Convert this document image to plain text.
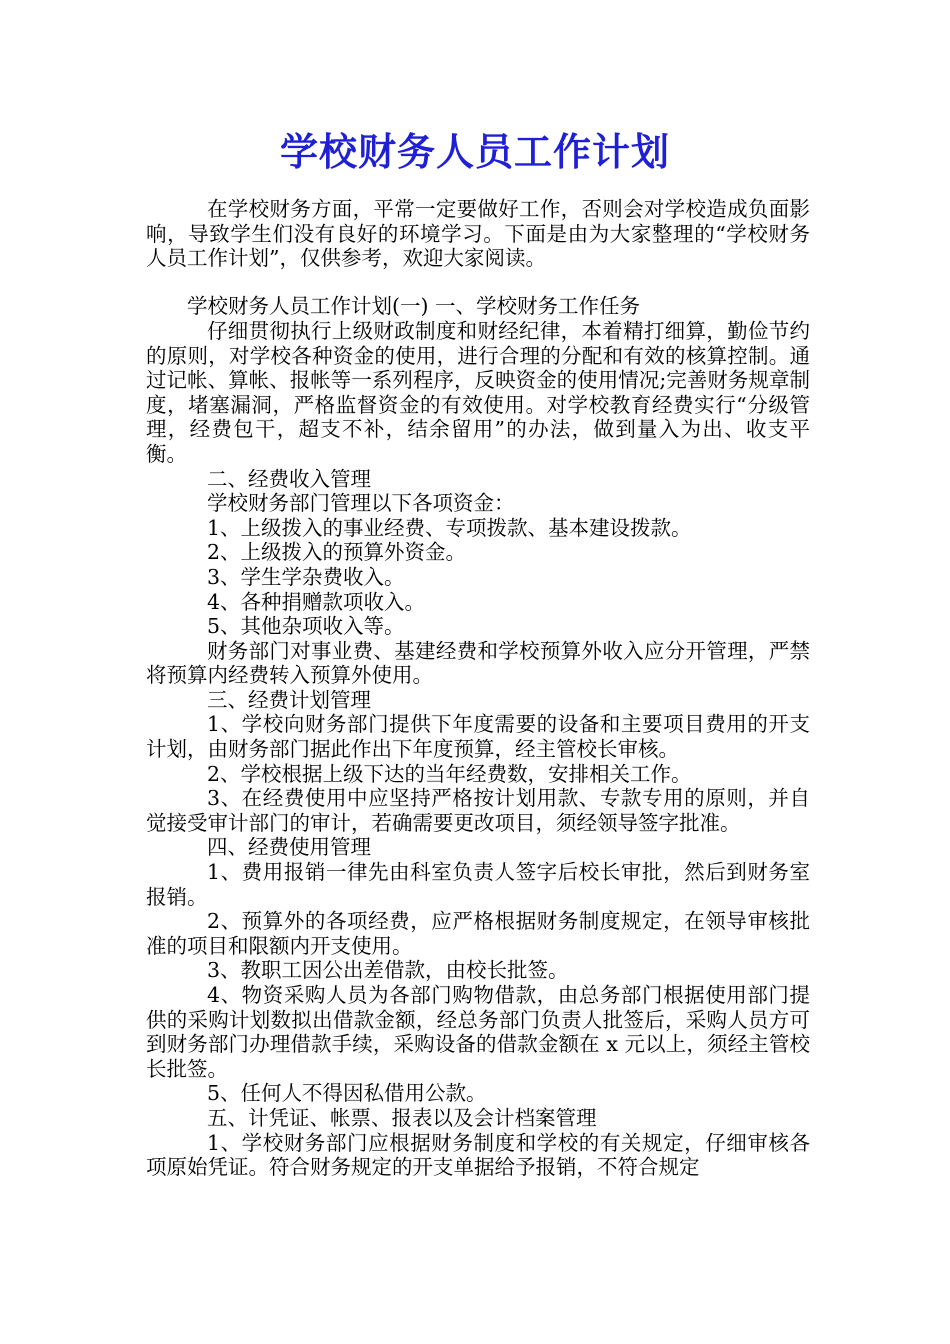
学校财务人员工作计划

在学校财务方面，平常一定要做好工作，否则会对学校造成负面影响，导致学生们没有良好的环境学习。下面是由为大家整理的“学校财务人员工作计划”，仅供参考，欢迎大家阅读。

学校财务人员工作计划(一) 一、学校财务工作任务

仔细贯彻执行上级财政制度和财经纪律，本着精打细算，勤俭节约的原则，对学校各种资金的使用，进行合理的分配和有效的核算控制。通过记帐、算帐、报帐等一系列程序，反映资金的使用情况;完善财务规章制度，堵塞漏洞，严格监督资金的有效使用。对学校教育经费实行“分级管理，经费包干，超支不补，结余留用”的办法，做到量入为出、收支平衡。

二、经费收入管理

学校财务部门管理以下各项资金：

1、上级拨入的事业经费、专项拨款、基本建设拨款。

2、上级拨入的预算外资金。

3、学生学杂费收入。

4、各种捐赠款项收入。

5、其他杂项收入等。

财务部门对事业费、基建经费和学校预算外收入应分开管理，严禁将预算内经费转入预算外使用。

三、经费计划管理

1、学校向财务部门提供下年度需要的设备和主要项目费用的开支计划，由财务部门据此作出下年度预算，经主管校长审核。

2、学校根据上级下达的当年经费数，安排相关工作。

3、在经费使用中应坚持严格按计划用款、专款专用的原则，并自觉接受审计部门的审计，若确需要更改项目，须经领导签字批准。

四、经费使用管理

1、费用报销一律先由科室负责人签字后校长审批，然后到财务室报销。

2、预算外的各项经费，应严格根据财务制度规定，在领导审核批准的项目和限额内开支使用。

3、教职工因公出差借款，由校长批签。

4、物资采购人员为各部门购物借款，由总务部门根据使用部门提供的采购计划数拟出借款金额，经总务部门负责人批签后，采购人员方可到财务部门办理借款手续，采购设备的借款金额在 x 元以上，须经主管校长批签。

5、任何人不得因私借用公款。

五、计凭证、帐票、报表以及会计档案管理

1、学校财务部门应根据财务制度和学校的有关规定，仔细审核各项原始凭证。符合财务规定的开支单据给予报销，不符合规定
